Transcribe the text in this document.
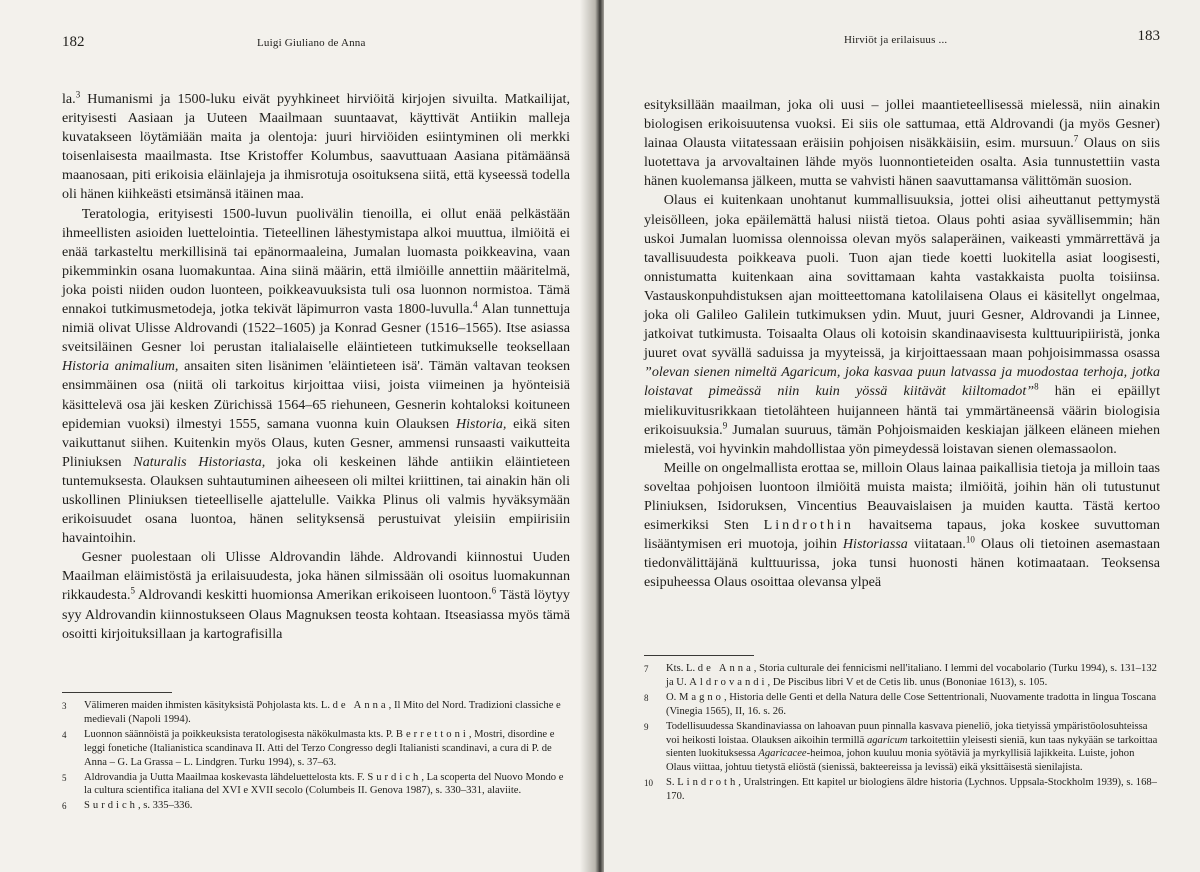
182	Luigi Giuliano de Anna

la.$^3$ Humanismi ja 1500-luku eivät pyyhkineet hirviöitä kirjojen sivuilta. Matkailijat, erityisesti Aasiaan ja Uuteen Maailmaan suuntaavat, käyttivät Antiikin malleja kuvatakseen löytämiään maita ja olentoja: juuri hirviöiden esiintyminen oli merkki toisenlaisesta maailmasta. Itse Kristoffer Kolumbus, saavuttuaan Aasiana pitämäänsä maanosaan, piti erikoisia eläinlajeja ja ihmisrotuja osoituksena siitä, että kyseessä todella oli hänen kiihkeästi etsimänsä itäinen maa.

Teratologia, erityisesti 1500-luvun puolivälin tienoilla, ei ollut enää pelkästään ihmeellisten asioiden luettelointia. Tieteellinen lähestymistapa alkoi muuttua, ilmiöitä ei enää tarkasteltu merkillisinä tai epänormaaleina, Jumalan luomasta poikkeavina, vaan pikemminkin osana luomakuntaa. Aina siinä määrin, että ilmiöille annettiin määritelmä, joka poisti niiden oudon luonteen, poikkeavuuksista tuli osa luonnon normistoa. Tämä ennakoi tutkimusmetodeja, jotka tekivät läpimurron vasta 1800-luvulla.$^4$ Alan tunnettuja nimiä olivat Ulisse Aldrovandi (1522–1605) ja Konrad Gesner (1516–1565). Itse asiassa sveitsiläinen Gesner loi perustan italialaiselle eläintieteen tutkimukselle teoksellaan Historia animalium, ansaiten siten lisänimen 'eläintieteen isä'. Tämän valtavan teoksen ensimmäinen osa (niitä oli tarkoitus kirjoittaa viisi, joista viimeinen ja hyönteisiä käsittelevä osa jäi kesken Zürichissä 1564–65 riehuneen, Gesnerin kohtaloksi koituneen epidemian vuoksi) ilmestyi 1555, samana vuonna kuin Olauksen Historia, eikä siten vaikuttanut siihen. Kuitenkin myös Olaus, kuten Gesner, ammensi runsaasti vaikutteita Pliniuksen Naturalis Historiasta, joka oli keskeinen lähde antiikin eläintieteen tuntemuksesta. Olauksen suhtautuminen aiheeseen oli miltei kriittinen, tai ainakin hän oli uskollinen Pliniuksen tieteelliselle ajattelulle. Vaikka Plinus oli valmis hyväksymään erikoisuudet osana luontoa, hänen selityksensä perustuivat yleisiin empiirisiin havaintoihin.

Gesner puolestaan oli Ulisse Aldrovandin lähde. Aldrovandi kiinnostui Uuden Maailman eläimistöstä ja erilaisuudesta, joka hänen silmissään oli osoitus luomakunnan rikkaudesta.$^5$ Aldrovandi keskitti huomionsa Amerikan erikoiseen luontoon.$^6$ Tästä löytyy syy Aldrovandin kiinnostukseen Olaus Magnuksen teosta kohtaan. Itseasiassa myös tämä osoitti kirjoituksillaan ja kartografisilla

3	Välimeren maiden ihmisten käsityksistä Pohjolasta kts. L. de Anna, Il Mito del Nord. Tradizioni classiche e medievali (Napoli 1994).
4	Luonnon säännöistä ja poikkeuksista teratologisesta näkökulmasta kts. P. Berrettoni, Mostri, disordine e leggi fonetiche (Italianistica scandinava II. Atti del Terzo Congresso degli Italianisti scandinavi, a cura di P. de Anna – G. La Grassa – L. Lindgren. Turku 1994), s. 37–63.
5	Aldrovandia ja Uutta Maailmaa koskevasta lähdeluettelosta kts. F. Surdich, La scoperta del Nuovo Mondo e la cultura scientifica italiana del XVI e XVII secolo (Columbeis II. Genova 1987), s. 330–331, alaviite.
6	Surdich, s. 335–336.
Hirviöt ja erilaisuus ...	183

esityksillään maailman, joka oli uusi – jollei maantieteellisessä mielessä, niin ainakin biologisen erikoisuutensa vuoksi. Ei siis ole sattumaa, että Aldrovandi (ja myös Gesner) lainaa Olausta viitatessaan eräisiin pohjoisen nisäkkäisiin, esim. mursuun.$^7$ Olaus on siis luotettava ja arvovaltainen lähde myös luonnontieteiden osalta. Asia tunnustettiin vasta hänen kuolemansa jälkeen, mutta se vahvisti hänen saavuttamansa välittömän suosion.

Olaus ei kuitenkaan unohtanut kummallisuuksia, jottei olisi aiheuttanut pettymystä yleisölleen, joka epäilemättä halusi niistä tietoa. Olaus pohti asiaa syvällisemmin; hän uskoi Jumalan luomissa olennoissa olevan myös salaperäinen, vaikeasti ymmärrettävä ja tavallisuudesta poikkeava puoli. Tuon ajan tiede koetti luokitella asiat loogisesti, onnistumatta kuitenkaan aina sovittamaan kahta vastakkaista puolta toisiinsa. Vastauskonpuhdistuksen ajan moitteettomana katolilaisena Olaus ei käsitellyt ongelmaa, joka oli Galileo Galilein tutkimuksen ydin. Muut, juuri Gesner, Aldrovandi ja Linnee, jatkoivat tutkimusta. Toisaalta Olaus oli kotoisin skandinaavisesta kulttuuripiiristä, jonka juuret ovat syvällä saduissa ja myyteissä, ja kirjoittaessaan maan pohjoisimmassa osassa ”olevan sienen nimeltä Agaricum, joka kasvaa puun latvassa ja muodostaa terhoja, jotka loistavat pimeässä niin kuin yössä kiitävät kiiltomadot”$^8$ hän ei epäillyt mielikuvitusrikkaan tietolähteen huijanneen häntä tai ymmärtäneensä väärin biologisia erikoisuuksia.$^9$ Jumalan suuruus, tämän Pohjoismaiden keskiajan jälkeen eläneen miehen mielestä, voi hyvinkin mahdollistaa yön pimeydessä loistavan sienen olemassaolon.

Meille on ongelmallista erottaa se, milloin Olaus lainaa paikallisia tietoja ja milloin taas soveltaa pohjoisen luontoon ilmiöitä muista maista; ilmiöitä, joihin hän oli tutustunut Pliniuksen, Isidoruksen, Vincentius Beauvaislaisen ja muiden kautta. Tästä kertoo esimerkiksi Sten Lindrothin havaitsema tapaus, joka koskee suvuttoman lisääntymisen eri muotoja, joihin Historiassa viitataan.$^{10}$ Olaus oli tietoinen asemastaan tiedonvälittäjänä kulttuurissa, joka tunsi huonosti hänen kotimaataan. Teoksensa esipuheessa Olaus osoittaa olevansa ylpeä

7	Kts. L. de Anna, Storia culturale dei fennicismi nell'italiano. I lemmi del vocabolario (Turku 1994), s. 131–132 ja U. Aldrovandi, De Piscibus libri V et de Cetis lib. unus (Bononiae 1613), s. 105.
8	O. Magno, Historia delle Genti et della Natura delle Cose Settentrionali, Nuovamente tradotta in lingua Toscana (Vinegia 1565), II, 16. s. 26.
9	Todellisuudessa Skandinaviassa on lahoavan puun pinnalla kasvava pieneliö, joka tietyissä ympäristöolosuhteissa voi heikosti loistaa. Olauksen aikoihin termillä agaricum tarkoitettiin yleisesti sieniä, kun taas nykyään se tarkoittaa sienten luokituksessa Agaricacee-heimoa, johon kuuluu monia syötäviä ja myrkyllisiä lajikkeita. Luiste, johon Olaus viittaa, johtuu tietystä eliöstä (sienissä, bakteereissa ja levissä) eikä yksittäisestä sienilajista.
10	S. Lindroth, Uralstringen. Ett kapitel ur biologiens äldre historia (Lychnos. Uppsala-Stockholm 1939), s. 168–170.
